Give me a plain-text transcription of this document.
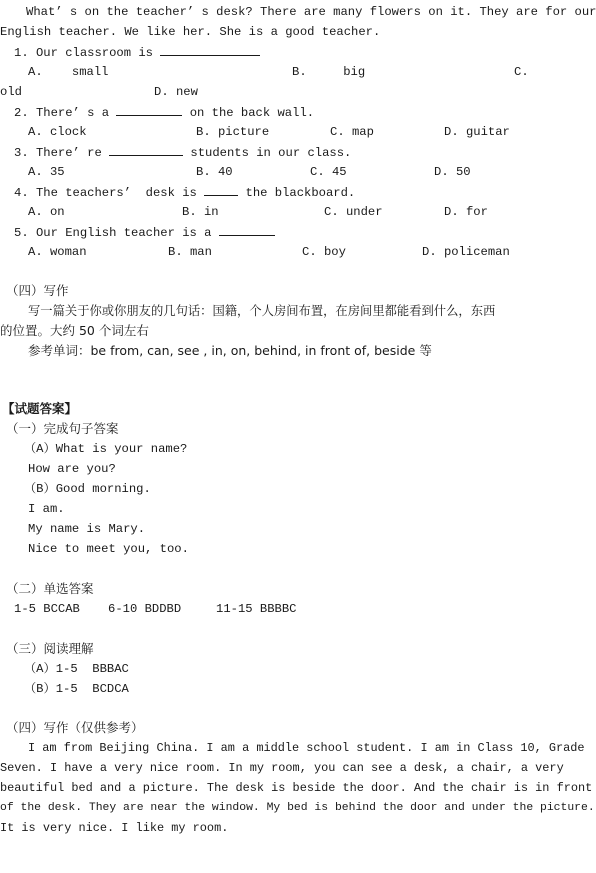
What’ s on the teacher’ s desk? There are many flowers on it. They are for our
English teacher. We like her. She is a good teacher.
1. Our classroom is
A.    small	B.     big	C.
old	D. new
2. There’ s a	on the back wall.
A. clock	B. picture	C. map	D. guitar
3. There’ re	students in our class.
A. 35	B. 40	C. 45	D. 50
4. The teachers’  desk is	the blackboard.
A. on	B. in	C. under	D. for
5. Our English teacher is a
A. woman	B. man	C. boy	D. policeman
（四）写作
写一篇关于你或你朋友的几句话：国籍，个人房间布置，在房间里都能看到什么，东西
的位置。大约 50 个词左右
参考单词：be from, can, see , in, on, behind, in front of, beside 等
【试题答案】
（一）完成句子答案
（A）What is your name?
How are you?
（B）Good morning.
I am.
My name is Mary.
Nice to meet you, too.
（二）单选答案
1-5 BCCAB 6-10 BDDBD	11-15 BBBBC
（三）阅读理解
（A）1-5  BBBAC
（B）1-5  BCDCA
（四）写作（仅供参考）
I am from Beijing China. I am a middle school student. I am in Class 10, Grade
Seven. I have a very nice room. In my room, you can see a desk, a chair, a very
beautiful bed and a picture. The desk is beside the door. And the chair is in front
of the desk. They are near the window. My bed is behind the door and under the picture.
It is very nice. I like my room.
